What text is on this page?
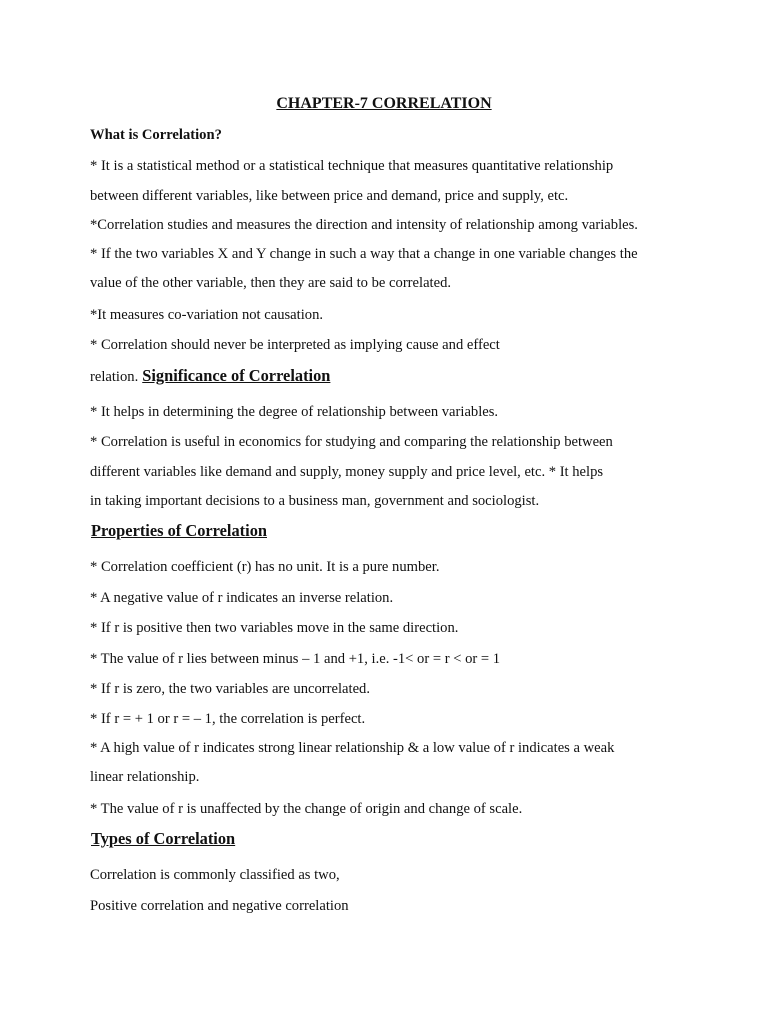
CHAPTER-7 CORRELATION
What is Correlation?
* It is a statistical method or a statistical technique that measures quantitative relationship
between different variables, like between price and demand, price and supply, etc.
*Correlation studies and measures the direction and intensity of relationship among variables.
* If the two variables X and Y change in such a way that a change in one variable changes the
value of the other variable, then they are said to be correlated.
*It measures co-variation not causation.
* Correlation should never be interpreted as implying cause and effect
relation. Significance of Correlation
* It helps in determining the degree of relationship between variables.
* Correlation is useful in economics for studying and comparing the relationship between
different variables like demand and supply, money supply and price level, etc. * It helps
in taking important decisions to a business man, government and sociologist.
Properties of Correlation
* Correlation coefficient (r) has no unit. It is a pure number.
* A negative value of r indicates an inverse relation.
* If r is positive then two variables move in the same direction.
* The value of r lies between minus – 1 and +1, i.e. -1< or = r < or = 1
* If r is zero, the two variables are uncorrelated.
* If r = + 1 or r = – 1, the correlation is perfect.
* A high value of r indicates strong linear relationship & a low value of r indicates a weak
linear relationship.
* The value of r is unaffected by the change of origin and change of scale.
Types of Correlation
Correlation is commonly classified as two,
Positive correlation and negative correlation
